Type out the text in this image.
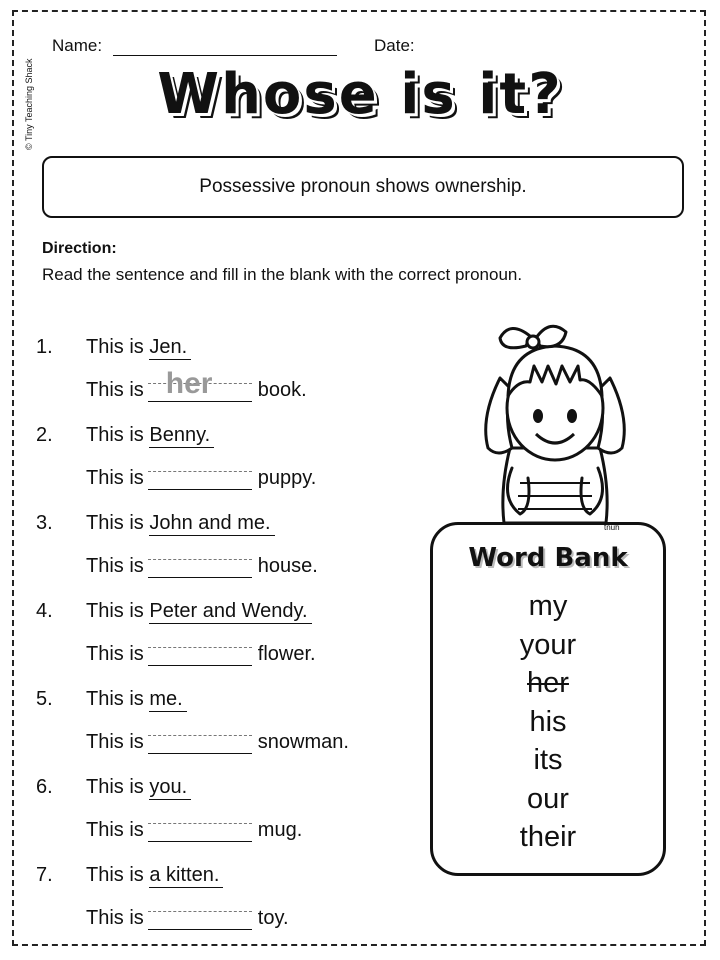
© Tiny Teaching Shack
Name:	Date:
Whose is it?
Possessive pronoun shows ownership.
Direction:
Read the sentence and fill in the blank with the correct pronoun.
1. This is Jen.
This is her book.
2. This is Benny.
This is	puppy.
3. This is John and me.
This is	house.
4. This is Peter and Wendy.
This is	flower.
5. This is me.
This is	snowman.
6. This is you.
This is	mug.
7. This is a kitten.
This is	toy.
tnuh
Word Bank
my
your
her
his
its
our
their
